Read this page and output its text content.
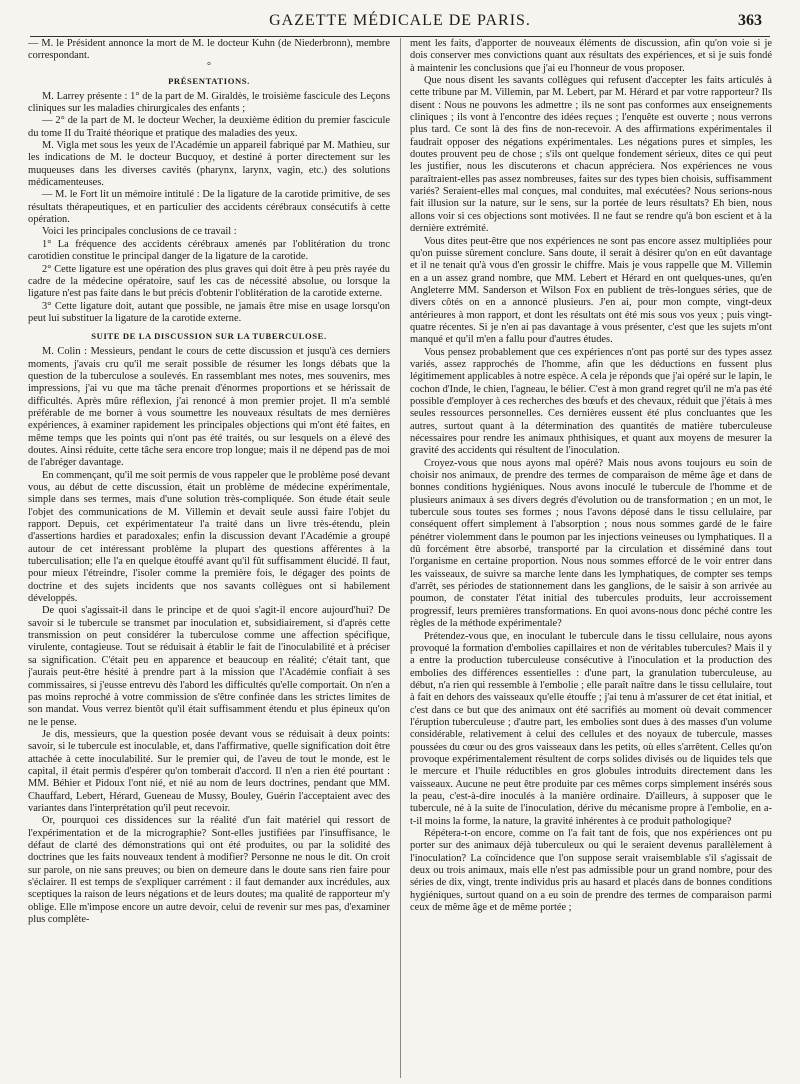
GAZETTE MÉDICALE DE PARIS.	363

— M. le Président annonce la mort de M. le docteur Kuhn (de Niederbronn), membre correspondant.

°
PRÉSENTATIONS.

M. Larrey présente : 1° de la part de M. Giraldès, le troisième fascicule des Leçons cliniques sur les maladies chirurgicales des enfants ;

— 2° de la part de M. le docteur Wecher, la deuxième édition du premier fascicule du tome II du Traité théorique et pratique des maladies des yeux.

M. Vigla met sous les yeux de l'Académie un appareil fabriqué par M. Mathieu, sur les indications de M. le docteur Bucquoy, et destiné à porter directement sur les muqueuses dans les diverses cavités (pharynx, larynx, vagin, etc.) des solutions médicamenteuses.

— M. le Fort lit un mémoire intitulé : De la ligature de la carotide primitive, de ses résultats thérapeutiques, et en particulier des accidents cérébraux consécutifs à cette opération.

Voici les principales conclusions de ce travail :

1° La fréquence des accidents cérébraux amenés par l'oblitération du tronc carotidien constitue le principal danger de la ligature de la carotide.

2° Cette ligature est une opération des plus graves qui doit être à peu près rayée du cadre de la médecine opératoire, sauf les cas de nécessité absolue, ou lorsque la ligature n'est pas faite dans le but précis d'obtenir l'oblitération de la carotide externe.

3° Cette ligature doit, autant que possible, ne jamais être mise en usage lorsqu'on peut lui substituer la ligature de la carotide externe.

SUITE DE LA DISCUSSION SUR LA TUBERCULOSE.

M. Colin : Messieurs, pendant le cours de cette discussion et jusqu'à ces derniers moments, j'avais cru qu'il me serait possible de résumer les longs débats que la question de la tuberculose a soulevés. En rassemblant mes notes, mes souvenirs, mes impressions, j'ai vu que ma tâche prenait d'énormes proportions et se hérissait de difficultés. Après mûre réflexion, j'ai renoncé à mon premier projet. Il m'a semblé préférable de me borner à vous soumettre les nouveaux résultats de mes dernières expériences, à examiner rapidement les principales objections qui m'ont été faites, en même temps que les points qui n'ont pas été traités, ou sur lesquels on a élevé des doutes. Ainsi réduite, cette tâche sera encore trop longue; mais il ne dépend pas de moi de l'abréger davantage.

En commençant, qu'il me soit permis de vous rappeler que le problème posé devant vous, au début de cette discussion, était un problème de médecine expérimentale, simple dans ses termes, mais d'une solution très-compliquée. Son étude était seule l'objet des communications de M. Villemin et devait seule aussi faire l'objet du rapport. Depuis, cet expérimentateur l'a traité dans un livre très-étendu, plein d'assertions hardies et paradoxales; enfin la discussion devant l'Académie a groupé autour de cet intéressant problème la plupart des questions afférentes à la tuberculisation; elle l'a en quelque étouffé avant qu'il fût suffisamment élucidé. Il faut, pour mieux l'étreindre, l'isoler comme la première fois, le dégager des points de doctrine et des sujets incidents que nos savants collègues ont si habilement développés.

De quoi s'agissait-il dans le principe et de quoi s'agit-il encore aujourd'hui? De savoir si le tubercule se transmet par inoculation et, subsidiairement, si d'après cette transmission on peut considérer la tuberculose comme une affection spécifique, virulente, contagieuse. Tout se réduisait à établir le fait de l'inoculabilité et à préciser sa signification. C'était peu en apparence et beaucoup en réalité; c'était tant, que j'aurais peut-être hésité à prendre part à la mission que l'Académie confiait à ses commissaires, si j'eusse entrevu dès l'abord les difficultés qu'elle comportait. On n'en a pas moins reproché à votre commission de s'être confinée dans les strictes limites de son mandat. Vous verrez bientôt qu'il était suffisamment étendu et plus épineux qu'on ne le pense.

Je dis, messieurs, que la question posée devant vous se réduisait à deux points: savoir, si le tubercule est inoculable, et, dans l'affirmative, quelle signification doit être attachée à cette inoculabilité. Sur le premier qui, de l'aveu de tout le monde, est le capital, il était permis d'espérer qu'on tomberait d'accord. Il n'en a rien été pourtant : MM. Béhier et Pidoux l'ont nié, et nié au nom de leurs doctrines, pendant que MM. Chauffard, Lebert, Hérard, Gueneau de Mussy, Bouley, Guérin l'acceptaient avec des variantes dans l'interprétation qu'il peut recevoir.

Or, pourquoi ces dissidences sur la réalité d'un fait matériel qui ressort de l'expérimentation et de la micrographie? Sont-elles justifiées par l'insuffisance, le défaut de clarté des démonstrations qui ont été produites, ou par la solidité des doctrines que les faits nouveaux tendent à modifier? Personne ne nous le dit. On croit sur parole, on nie sans preuves; ou bien on demeure dans le doute sans rien faire pour s'éclairer. Il est temps de s'expliquer carrément : il faut demander aux incrédules, aux sceptiques la raison de leurs négations et de leurs doutes; ma qualité de rapporteur m'y oblige. Elle m'impose encore un autre devoir, celui de revenir sur mes pas, d'examiner plus complète-

ment les faits, d'apporter de nouveaux éléments de discussion, afin qu'on voie si je dois conserver mes convictions quant aux résultats des expériences, et si je suis fondé à maintenir les conclusions que j'ai eu l'honneur de vous proposer.

Que nous disent les savants collègues qui refusent d'accepter les faits articulés à cette tribune par M. Villemin, par M. Lebert, par M. Hérard et par votre rapporteur? Ils disent : Nous ne pouvons les admettre ; ils ne sont pas conformes aux enseignements cliniques ; ils vont à l'encontre des idées reçues ; l'enquête est ouverte ; nous verrons plus tard. Ce sont là des fins de non-recevoir. A des affirmations expérimentales il faudrait opposer des négations expérimentales. Les négations pures et simples, les doutes prouvent peu de chose ; s'ils ont quelque fondement sérieux, dites ce qui peut les justifier, nous les discuterons et chacun appréciera. Nos expériences ne vous paraîtraient-elles pas assez nombreuses, faites sur des types bien choisis, suffisamment variés? Seraient-elles mal conçues, mal conduites, mal exécutées? Nous serions-nous fait illusion sur la nature, sur le sens, sur la portée de leurs résultats? Eh bien, nous allons voir si ces objections sont motivées. Il ne faut se rendre qu'à bon escient et à la dernière extrémité.

Vous dites peut-être que nos expériences ne sont pas encore assez multipliées pour qu'on puisse sûrement conclure. Sans doute, il serait à désirer qu'on en eût davantage et il ne tenait qu'à vous d'en grossir le chiffre. Mais je vous rappelle que M. Villemin en a un assez grand nombre, que MM. Lebert et Hérard en ont quelques-unes, qu'en Angleterre MM. Sanderson et Wilson Fox en publient de très-longues séries, que de divers côtés on en a annoncé plusieurs. J'en ai, pour mon compte, vingt-deux antérieures à mon rapport, et dont les résultats ont été mis sous vos yeux ; puis vingt-quatre récentes. Si je n'en ai pas davantage à vous présenter, c'est que les sujets m'ont manqué et qu'il m'en a fallu pour d'autres études.

Vous pensez probablement que ces expériences n'ont pas porté sur des types assez variés, assez rapprochés de l'homme, afin que les déductions en fussent plus légitimement applicables à notre espèce. A cela je réponds que j'ai opéré sur le lapin, le cochon d'Inde, le chien, l'agneau, le bélier. C'est à mon grand regret qu'il ne m'a pas été possible d'employer à ces recherches des bœufs et des chevaux, réduit que j'étais à mes seules ressources personnelles. Ces dernières eussent été plus concluantes que les autres, surtout quant à la détermination des quantités de matière tuberculeuse nécessaires pour rendre les animaux phthisiques, et quant aux moyens de mesurer la gravité des accidents qui résultent de l'inoculation.

Croyez-vous que nous ayons mal opéré? Mais nous avons toujours eu soin de choisir nos animaux, de prendre des termes de comparaison de même âge et dans de bonnes conditions hygiéniques. Nous avons inoculé le tubercule de l'homme et de plusieurs animaux à ses divers degrés d'évolution ou de transformation ; en un mot, le tubercule sous toutes ses formes ; nous l'avons déposé dans le tissu cellulaire, par conséquent offert simplement à l'absorption ; nous nous sommes gardé de le faire pénétrer violemment dans le poumon par les injections veineuses ou lymphatiques. Il a dû forcément être absorbé, transporté par la circulation et disséminé dans tout l'organisme en certaine proportion. Nous nous sommes efforcé de le voir entrer dans les vaisseaux, de suivre sa marche lente dans les lymphatiques, de compter ses temps d'arrêt, ses périodes de stationnement dans les ganglions, de le saisir à son arrivée au poumon, de constater l'état initial des tubercules produits, leur accroissement progressif, leurs premières transformations. En quoi avons-nous donc péché contre les règles de la méthode expérimentale?

Prétendez-vous que, en inoculant le tubercule dans le tissu cellulaire, nous ayons provoqué la formation d'embolies capillaires et non de véritables tubercules? Mais il y a entre la production tuberculeuse consécutive à l'inoculation et la production des embolies des différences essentielles : d'une part, la granulation tuberculeuse, au début, n'a rien qui ressemble à l'embolie ; elle paraît naître dans le tissu cellulaire, tout à fait en dehors des vaisseaux qu'elle étouffe ; j'ai tenu à m'assurer de cet état initial, et c'est dans ce but que des animaux ont été sacrifiés au moment où devait commencer l'éruption tuberculeuse ; d'autre part, les embolies sont dues à des masses d'un volume considérable, relativement à celui des cellules et des noyaux de tubercule, masses poussées du cœur ou des gros vaisseaux dans les petits, où elles s'arrêtent. Celles qu'on provoque expérimentalement résultent de corps solides divisés ou de liquides tels que le mercure et l'huile réductibles en gros globules introduits directement dans les vaisseaux. Aucune ne peut être produite par ces mêmes corps simplement insérés sous la peau, c'est-à-dire inoculés à la manière ordinaire. D'ailleurs, à supposer que le tubercule, né à la suite de l'inoculation, dérive du mécanisme propre à l'embolie, en a-t-il moins la forme, la nature, la gravité inhérentes à ce produit pathologique?

Répétera-t-on encore, comme on l'a fait tant de fois, que nos expériences ont pu porter sur des animaux déjà tuberculeux ou qui le seraient devenus parallèlement à l'inoculation? La coïncidence que l'on suppose serait vraisemblable s'il s'agissait de deux ou trois animaux, mais elle n'est pas admissible pour un grand nombre, pour des séries de dix, vingt, trente individus pris au hasard et placés dans de bonnes conditions hygiéniques, surtout quand on a eu soin de prendre des termes de comparaison parmi ceux de même âge et de même portée ;
